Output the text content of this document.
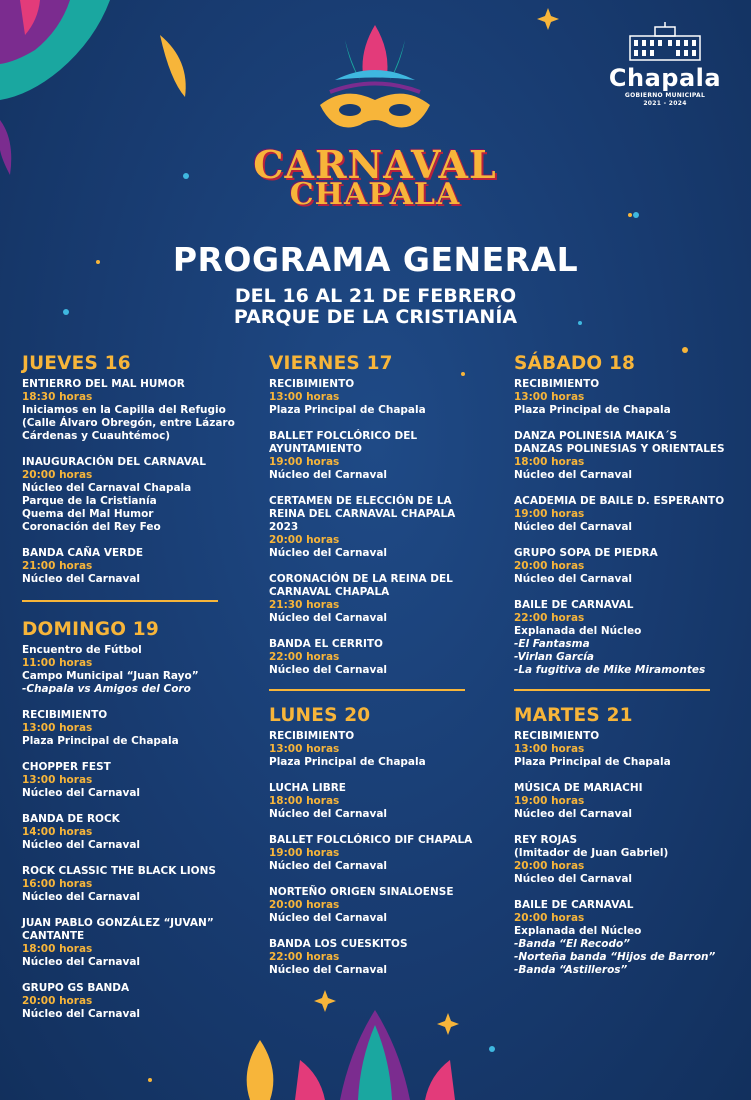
Chapala
GOBIERNO MUNICIPAL
2021 - 2024
CARNAVAL
CHAPALA
PROGRAMA GENERAL
DEL 16 AL 21 DE FEBRERO
PARQUE DE LA CRISTIANÍA
JUEVES 16
ENTIERRO DEL MAL HUMOR
18:30 horas
Iniciamos en la Capilla del Refugio
(Calle Álvaro Obregón, entre Lázaro
Cárdenas y Cuauhtémoc)
INAUGURACIÓN DEL CARNAVAL
20:00 horas
Núcleo del Carnaval Chapala
Parque de la Cristianía
Quema del Mal Humor
Coronación del Rey Feo
BANDA CAÑA VERDE
21:00 horas
Núcleo del Carnaval
DOMINGO 19
Encuentro de Fútbol
11:00 horas
Campo Municipal “Juan Rayo”
-Chapala vs Amigos del Coro
RECIBIMIENTO
13:00 horas
Plaza Principal de Chapala
CHOPPER FEST
13:00 horas
Núcleo del Carnaval
BANDA DE ROCK
14:00 horas
Núcleo del Carnaval
ROCK CLASSIC THE BLACK LIONS
16:00 horas
Núcleo del Carnaval
JUAN PABLO GONZÁLEZ “JUVAN”
CANTANTE
18:00 horas
Núcleo del Carnaval
GRUPO GS BANDA
20:00 horas
Núcleo del Carnaval
VIERNES 17
RECIBIMIENTO
13:00 horas
Plaza Principal de Chapala
BALLET FOLCLÓRICO DEL
AYUNTAMIENTO
19:00 horas
Núcleo del Carnaval
CERTAMEN DE ELECCIÓN DE LA
REINA DEL CARNAVAL CHAPALA
2023
20:00 horas
Núcleo del Carnaval
CORONACIÓN DE LA REINA DEL
CARNAVAL CHAPALA
21:30 horas
Núcleo del Carnaval
BANDA EL CERRITO
22:00 horas
Núcleo del Carnaval
LUNES 20
RECIBIMIENTO
13:00 horas
Plaza Principal de Chapala
LUCHA LIBRE
18:00 horas
Núcleo del Carnaval
BALLET FOLCLÓRICO DIF CHAPALA
19:00 horas
Núcleo del Carnaval
NORTEÑO ORIGEN SINALOENSE
20:00 horas
Núcleo del Carnaval
BANDA LOS CUESKITOS
22:00 horas
Núcleo del Carnaval
SÁBADO 18
RECIBIMIENTO
13:00 horas
Plaza Principal de Chapala
DANZA POLINESIA MAIKA´S
DANZAS POLINESIAS Y ORIENTALES
18:00 horas
Núcleo del Carnaval
ACADEMIA DE BAILE D. ESPERANTO
19:00 horas
Núcleo del Carnaval
GRUPO SOPA DE PIEDRA
20:00 horas
Núcleo del Carnaval
BAILE DE CARNAVAL
22:00 horas
Explanada del Núcleo
-El Fantasma
-Virlan García
-La fugitiva de Mike Miramontes
MARTES 21
RECIBIMIENTO
13:00 horas
Plaza Principal de Chapala
MÚSICA DE MARIACHI
19:00 horas
Núcleo del Carnaval
REY ROJAS
(Imitador de Juan Gabriel)
20:00 horas
Núcleo del Carnaval
BAILE DE CARNAVAL
20:00 horas
Explanada del Núcleo
-Banda “El Recodo”
-Norteña banda “Hijos de Barron”
-Banda “Astilleros”
